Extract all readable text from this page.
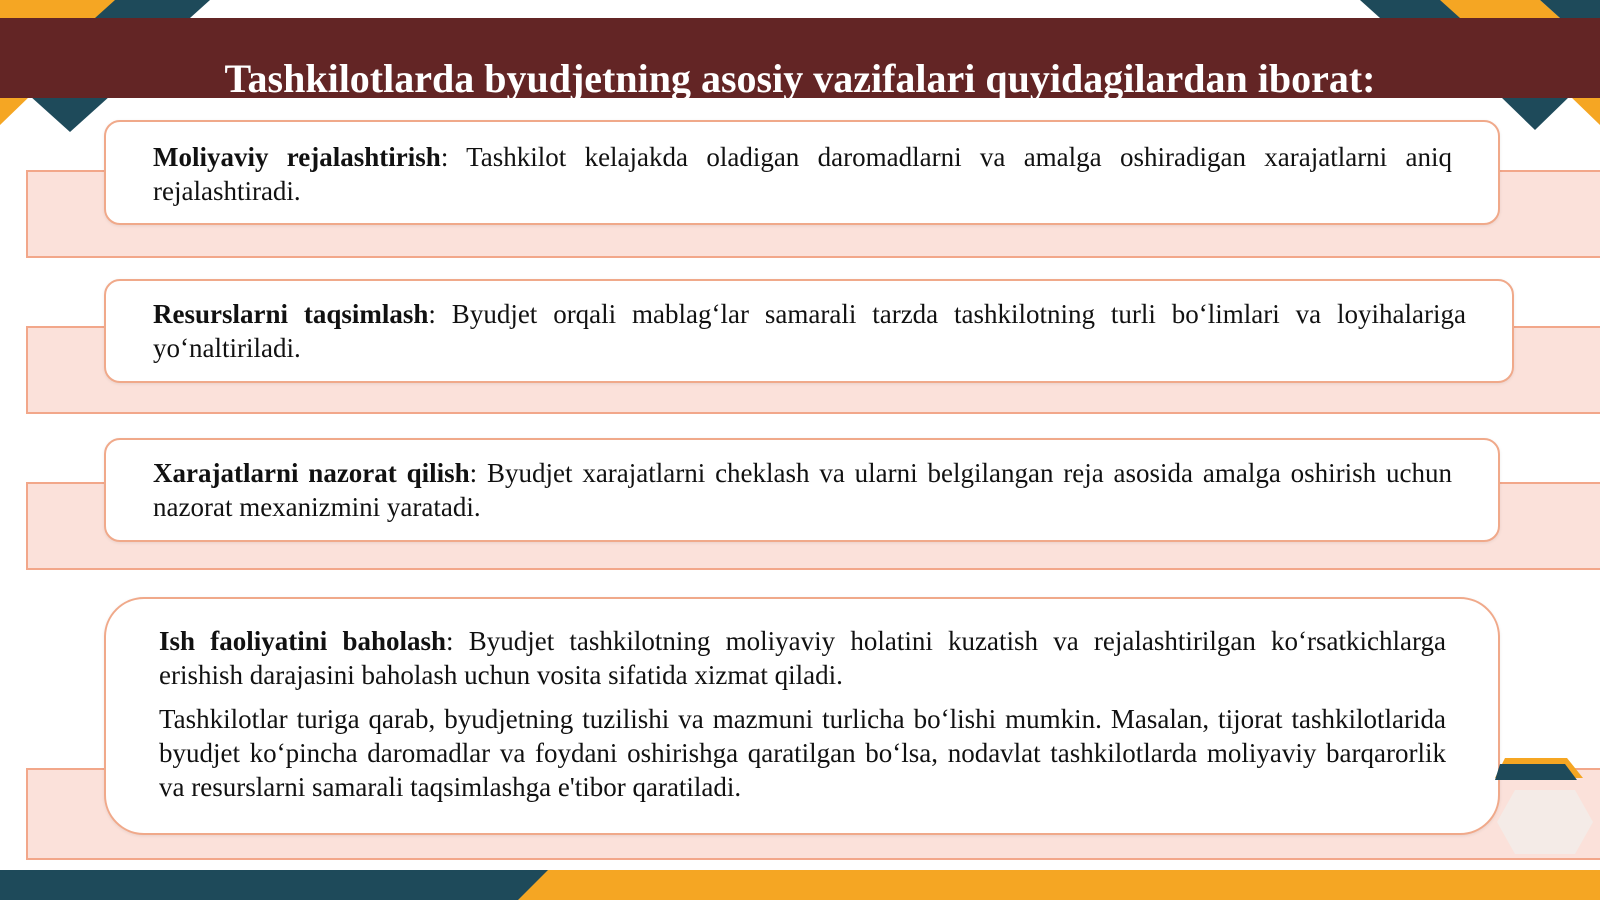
Tashkilotlarda byudjetning asosiy vazifalari quyidagilardan iborat:

Moliyaviy rejalashtirish: Tashkilot kelajakda oladigan daromadlarni va amalga oshiradigan xarajatlarni aniq rejalashtiradi.

Resurslarni taqsimlash: Byudjet orqali mablag‘lar samarali tarzda tashkilotning turli bo‘limlari va loyihalariga yo‘naltiriladi.

Xarajatlarni nazorat qilish: Byudjet xarajatlarni cheklash va ularni belgilangan reja asosida amalga oshirish uchun nazorat mexanizmini yaratadi.

Ish faoliyatini baholash: Byudjet tashkilotning moliyaviy holatini kuzatish va rejalashtirilgan ko‘rsatkichlarga erishish darajasini baholash uchun vosita sifatida xizmat qiladi.

Tashkilotlar turiga qarab, byudjetning tuzilishi va mazmuni turlicha bo‘lishi mumkin. Masalan, tijorat tashkilotlarida byudjet ko‘pincha daromadlar va foydani oshirishga qaratilgan bo‘lsa, nodavlat tashkilotlarda moliyaviy barqarorlik va resurslarni samarali taqsimlashga e'tibor qaratiladi.
